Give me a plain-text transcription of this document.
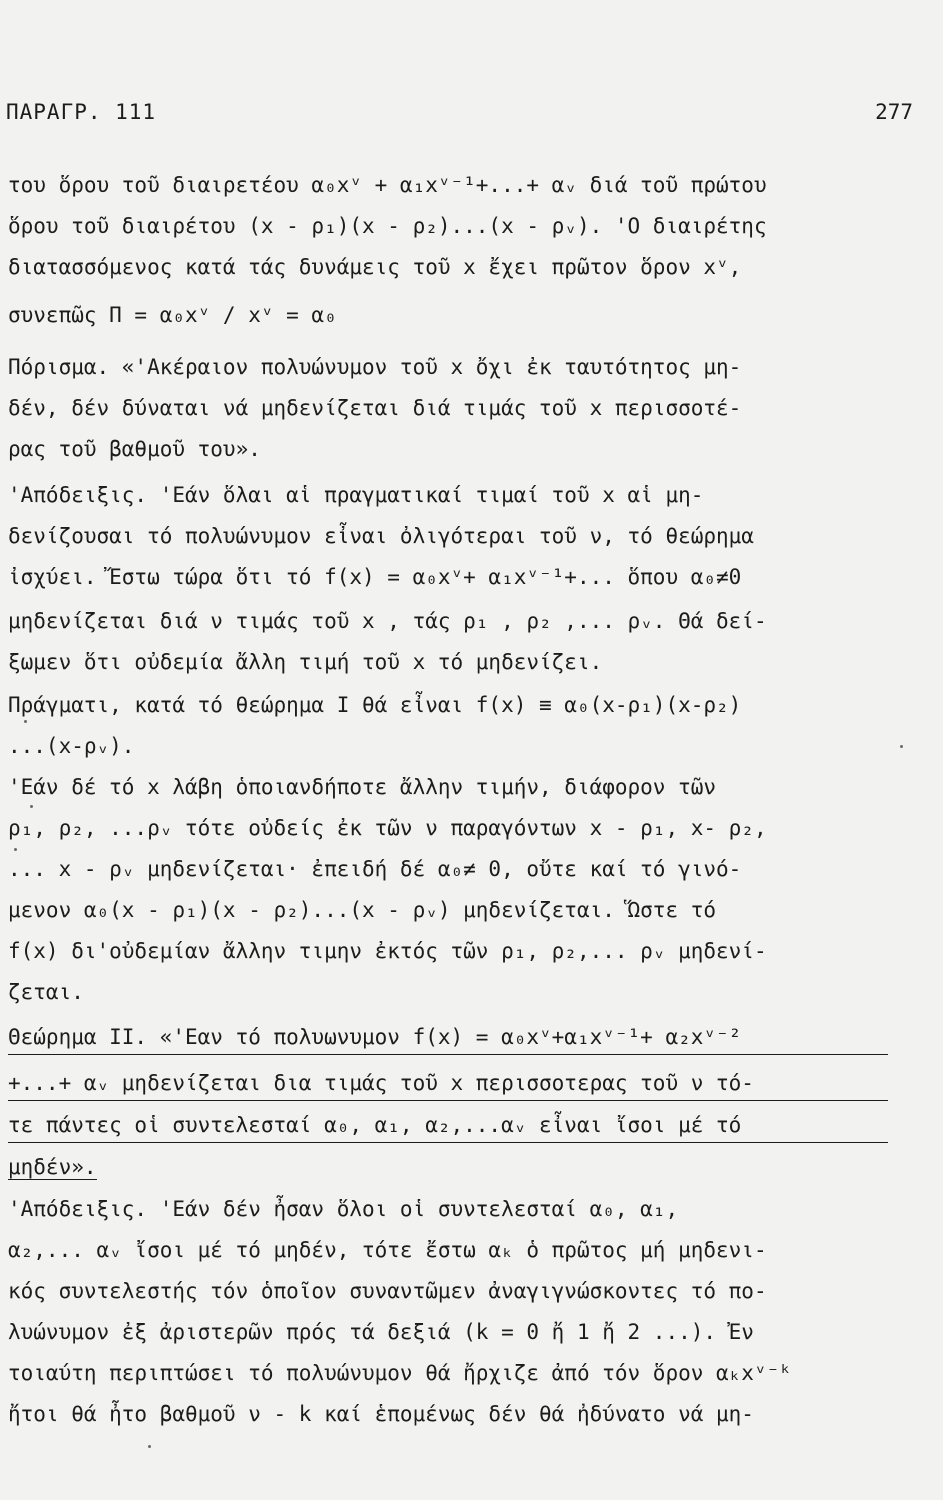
ΠΑΡΑΓΡ. 111	277
του ὅρου τοῦ διαιρετέου α₀xᵛ + α₁xᵛ⁻¹+...+ αᵥ διά τοῦ πρώτου
ὅρου τοῦ διαιρέτου (x - ρ₁)(x - ρ₂)...(x - ρᵥ). 'Ο διαιρέτης
διατασσόμενος κατά τάς δυνάμεις τοῦ x ἔχει πρῶτον ὅρον xᵛ,
συνεπῶς Π = α₀xᵛ / xᵛ = α₀
Πόρισμα. «'Ακέραιον πολυώνυμον τοῦ x ὄχι ἐκ ταυτότητος μη-
δέν, δέν δύναται νά μηδενίζεται διά τιμάς τοῦ x περισσοτέ-
ρας τοῦ βαθμοῦ του».
'Απόδειξις. 'Εάν ὅλαι αἱ πραγματικαί τιμαί τοῦ x αἱ μη-
δενίζουσαι τό πολυώνυμον εἶναι ὀλιγότεραι τοῦ ν, τό θεώρημα
ἰσχύει. Ἔστω τώρα ὅτι τό f(x) = α₀xᵛ+ α₁xᵛ⁻¹+... ὅπου α₀≠0
μηδενίζεται διά ν τιμάς τοῦ x , τάς ρ₁ , ρ₂ ,... ρᵥ. Θά δεί-
ξωμεν ὅτι οὐδεμία ἄλλη τιμή τοῦ x τό μηδενίζει.
Πράγματι, κατά τό θεώρημα Ι θά εἶναι f(x) ≡ α₀(x-ρ₁)(x-ρ₂)
...(x-ρᵥ).
'Εάν δέ τό x λάβη ὁποιανδήποτε ἄλλην τιμήν, διάφορον τῶν
ρ₁, ρ₂, ...ρᵥ τότε οὐδείς ἐκ τῶν ν παραγόντων x - ρ₁, x- ρ₂,
... x - ρᵥ μηδενίζεται· ἐπειδή δέ α₀≠ 0, οὔτε καί τό γινό-
μενον α₀(x - ρ₁)(x - ρ₂)...(x - ρᵥ) μηδενίζεται. Ὥστε τό
f(x) δι'οὐδεμίαν ἄλλην τιμην ἐκτός τῶν ρ₁, ρ₂,... ρᵥ μηδενί-
ζεται.
Θεώρημα ΙΙ. «'Εαν τό πολυωνυμον f(x) = α₀xᵛ+α₁xᵛ⁻¹+ α₂xᵛ⁻²
+...+ αᵥ μηδενίζεται δια τιμάς τοῦ x περισσοτερας τοῦ ν τό-
τε πάντες οἱ συντελεσταί α₀, α₁, α₂,...αᵥ εἶναι ἴσοι μέ τό
μηδέν».
'Απόδειξις. 'Εάν δέν ἦσαν ὅλοι οἱ συντελεσταί α₀, α₁,
α₂,... αᵥ ἴσοι μέ τό μηδέν, τότε ἔστω αₖ ὁ πρῶτος μή μηδενι-
κός συντελεστής τόν ὁποῖον συναντῶμεν ἀναγιγνώσκοντες τό πο-
λυώνυμον ἐξ ἀριστερῶν πρός τά δεξιά (k = 0 ἤ 1 ἤ 2 ...). Ἐν
τοιαύτη περιπτώσει τό πολυώνυμον θά ἤρχιζε ἀπό τόν ὅρον αₖxᵛ⁻ᵏ
ἤτοι θά ἦτο βαθμοῦ ν - k καί ἑπομένως δέν θά ἠδύνατο νά μη-
